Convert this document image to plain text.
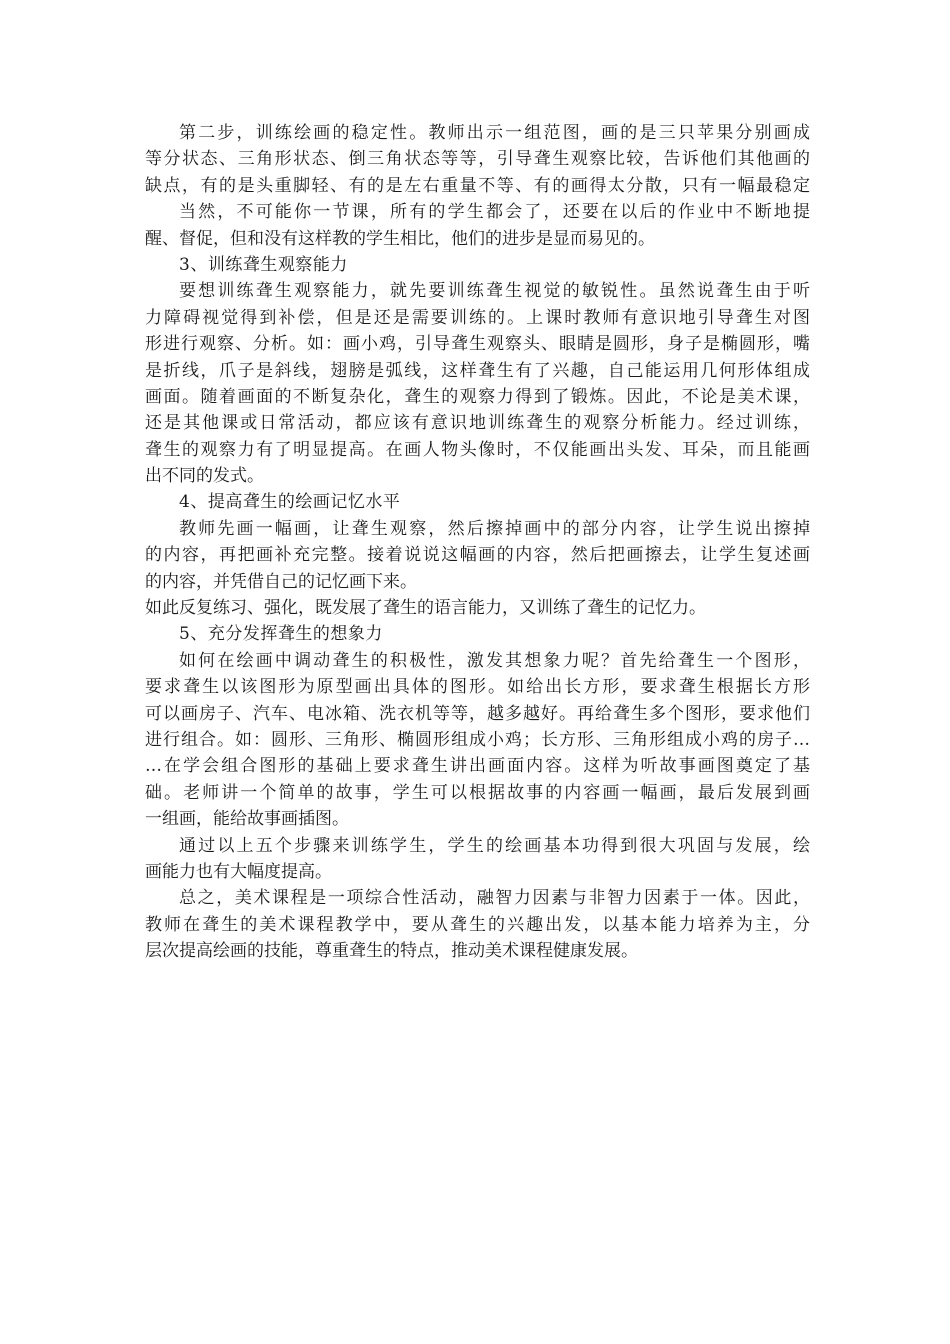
第二步，训练绘画的稳定性。教师出示一组范图，画的是三只苹果分别画成
等分状态、三角形状态、倒三角状态等等，引导聋生观察比较，告诉他们其他画的
缺点，有的是头重脚轻、有的是左右重量不等、有的画得太分散，只有一幅最稳定
当然，不可能你一节课，所有的学生都会了，还要在以后的作业中不断地提
醒、督促，但和没有这样教的学生相比，他们的进步是显而易见的。
3、训练聋生观察能力
要想训练聋生观察能力，就先要训练聋生视觉的敏锐性。虽然说聋生由于听
力障碍视觉得到补偿，但是还是需要训练的。上课时教师有意识地引导聋生对图
形进行观察、分析。如：画小鸡，引导聋生观察头、眼睛是圆形，身子是椭圆形，嘴
是折线，爪子是斜线，翅膀是弧线，这样聋生有了兴趣，自己能运用几何形体组成
画面。随着画面的不断复杂化，聋生的观察力得到了锻炼。因此，不论是美术课，
还是其他课或日常活动，都应该有意识地训练聋生的观察分析能力。经过训练，
聋生的观察力有了明显提高。在画人物头像时，不仅能画出头发、耳朵，而且能画
出不同的发式。
4、提高聋生的绘画记忆水平
教师先画一幅画，让聋生观察，然后擦掉画中的部分内容，让学生说出擦掉
的内容，再把画补充完整。接着说说这幅画的内容，然后把画擦去，让学生复述画
的内容，并凭借自己的记忆画下来。
如此反复练习、强化，既发展了聋生的语言能力，又训练了聋生的记忆力。
5、充分发挥聋生的想象力
如何在绘画中调动聋生的积极性，激发其想象力呢？首先给聋生一个图形，
要求聋生以该图形为原型画出具体的图形。如给出长方形，要求聋生根据长方形
可以画房子、汽车、电冰箱、洗衣机等等，越多越好。再给聋生多个图形，要求他们
进行组合。如：圆形、三角形、椭圆形组成小鸡；长方形、三角形组成小鸡的房子…
…在学会组合图形的基础上要求聋生讲出画面内容。这样为听故事画图奠定了基
础。老师讲一个简单的故事，学生可以根据故事的内容画一幅画，最后发展到画
一组画，能给故事画插图。
通过以上五个步骤来训练学生，学生的绘画基本功得到很大巩固与发展，绘
画能力也有大幅度提高。
总之，美术课程是一项综合性活动，融智力因素与非智力因素于一体。因此，
教师在聋生的美术课程教学中，要从聋生的兴趣出发，以基本能力培养为主，分
层次提高绘画的技能，尊重聋生的特点，推动美术课程健康发展。
